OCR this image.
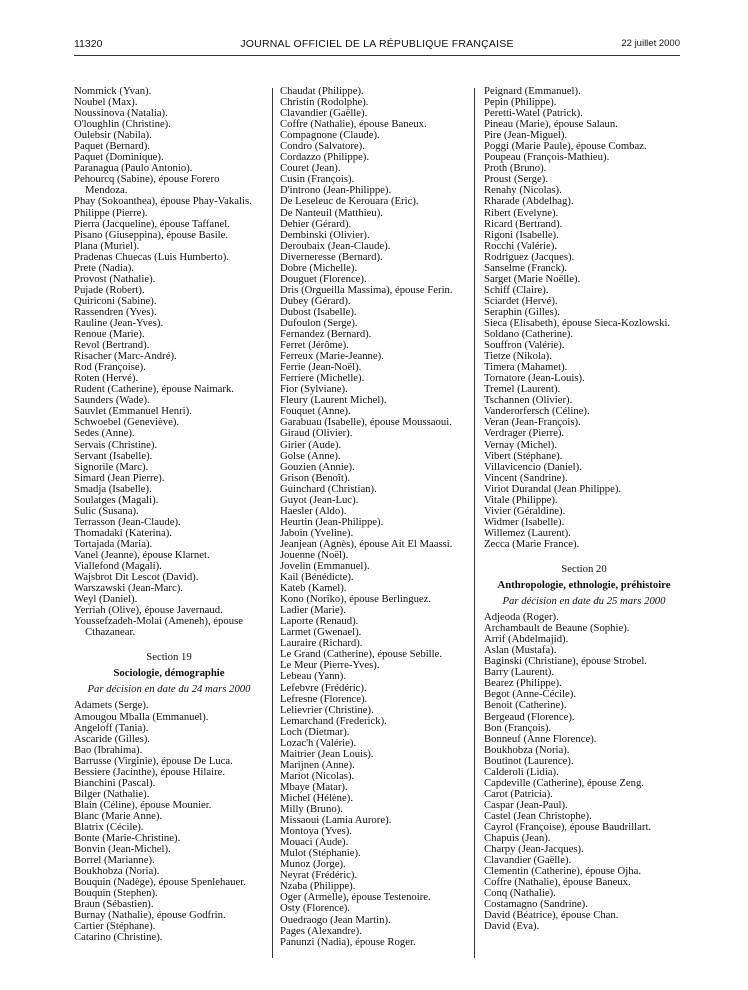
11320	JOURNAL OFFICIEL DE LA RÉPUBLIQUE FRANÇAISE	22 juillet 2000
Nommick (Yvan).
Noubel (Max).
Noussinova (Natalia).
O'loughlin (Christine).
Oulebsir (Nabila).
Paquet (Bernard).
Paquet (Dominique).
Paranagua (Paulo Antonio).
Pehourcq (Sabine), épouse Forero Mendoza.
Phay (Sokoanthea), épouse Phay-Vakalis.
Philippe (Pierre).
Pierra (Jacqueline), épouse Taffanel.
Pisano (Giuseppina), épouse Basile.
Plana (Muriel).
Pradenas Chuecas (Luis Humberto).
Prete (Nadia).
Provost (Nathalie).
Pujade (Robert).
Quiriconi (Sabine).
Rassendren (Yves).
Rauline (Jean-Yves).
Renoue (Marie).
Revol (Bertrand).
Risacher (Marc-André).
Rod (Françoise).
Roten (Hervé).
Rudent (Catherine), épouse Naimark.
Saunders (Wade).
Sauvlet (Emmanuel Henri).
Schwoebel (Geneviève).
Sedes (Anne).
Servais (Christine).
Servant (Isabelle).
Signorile (Marc).
Simard (Jean Pierre).
Smadja (Isabelle).
Soulatges (Magali).
Sulic (Susana).
Terrasson (Jean-Claude).
Thomadaki (Katerina).
Tortajada (Maria).
Vanel (Jeanne), épouse Klarnet.
Viallefond (Magali).
Wajsbrot Dit Lescot (David).
Warszawski (Jean-Marc).
Weyl (Daniel).
Yerriah (Olive), épouse Javernaud.
Youssefzadeh-Molai (Ameneh), épouse Cthazanear.
Section 19
Sociologie, démographie
Par décision en date du 24 mars 2000
Adamets (Serge).
Amougou Mballa (Emmanuel).
Angeloff (Tania).
Ascaride (Gilles).
Bao (Ibrahima).
Barrusse (Virginie), épouse De Luca.
Bessiere (Jacinthe), épouse Hilaire.
Bianchini (Pascal).
Bilger (Nathalie).
Blain (Céline), épouse Mounier.
Blanc (Marie Anne).
Blatrix (Cécile).
Bonte (Marie-Christine).
Bonvin (Jean-Michel).
Borrel (Marianne).
Boukhobza (Noria).
Bouquin (Nadège), épouse Spenlehauer.
Bouquin (Stephen).
Braun (Sébastien).
Burnay (Nathalie), épouse Godfrin.
Cartier (Stéphane).
Catarino (Christine).
Chaudat (Philippe).
Christin (Rodolphe).
Clavandier (Gaëlle).
Coffre (Nathalie), épouse Baneux.
Compagnone (Claude).
Condro (Salvatore).
Cordazzo (Philippe).
Couret (Jean).
Cusin (François).
D'introno (Jean-Philippe).
De Leseleuc de Kerouara (Eric).
De Nanteuil (Matthieu).
Dehier (Gérard).
Dembinski (Olivier).
Deroubaix (Jean-Claude).
Diverneresse (Bernard).
Dobre (Michelle).
Douguet (Florence).
Dris (Orgueilla Massima), épouse Ferin.
Dubey (Gérard).
Dubost (Isabelle).
Dufoulon (Serge).
Fernandez (Bernard).
Ferret (Jérôme).
Ferreux (Marie-Jeanne).
Ferrie (Jean-Noël).
Ferriere (Michelle).
Fior (Sylviane).
Fleury (Laurent Michel).
Fouquet (Anne).
Garabuau (Isabelle), épouse Moussaoui.
Giraud (Olivier).
Girier (Aude).
Golse (Anne).
Gouzien (Annie).
Grison (Benoît).
Guinchard (Christian).
Guyot (Jean-Luc).
Haesler (Aldo).
Heurtin (Jean-Philippe).
Jaboin (Yveline).
Jeanjean (Agnès), épouse Ait El Maassi.
Jouenne (Noël).
Jovelin (Emmanuel).
Kail (Bénédicte).
Kateb (Kamel).
Kono (Noriko), épouse Berlinguez.
Ladier (Marie).
Laporte (Renaud).
Larmet (Gwenael).
Lauraire (Richard).
Le Grand (Catherine), épouse Sebille.
Le Meur (Pierre-Yves).
Lebeau (Yann).
Lefebvre (Frédéric).
Lefresne (Florence).
Lelievrier (Christine).
Lemarchand (Frederick).
Loch (Dietmar).
Lozac'h (Valérie).
Maitrier (Jean Louis).
Marijnen (Anne).
Mariot (Nicolas).
Mbaye (Matar).
Michel (Hélène).
Milly (Bruno).
Missaoui (Lamia Aurore).
Montoya (Yves).
Mouaci (Aude).
Mulot (Stéphanie).
Munoz (Jorge).
Neyrat (Frédéric).
Nzaba (Philippe).
Oger (Armelle), épouse Testenoire.
Osty (Florence).
Ouedraogo (Jean Martin).
Pages (Alexandre).
Panunzi (Nadia), épouse Roger.
Peignard (Emmanuel).
Pepin (Philippe).
Peretti-Watel (Patrick).
Pineau (Marie), épouse Salaun.
Pire (Jean-Miguel).
Poggi (Marie Paule), épouse Combaz.
Poupeau (François-Mathieu).
Proth (Bruno).
Proust (Serge).
Renahy (Nicolas).
Rharade (Abdelhag).
Ribert (Evelyne).
Ricard (Bertrand).
Rigoni (Isabelle).
Rocchi (Valérie).
Rodriguez (Jacques).
Sanselme (Franck).
Sarget (Marie Noëlle).
Schiff (Claire).
Sciardet (Hervé).
Seraphin (Gilles).
Sieca (Elisabeth), épouse Sieca-Kozlowski.
Soldano (Catherine).
Souffron (Valérie).
Tietze (Nikola).
Timera (Mahamet).
Tornatore (Jean-Louis).
Tremel (Laurent).
Tschannen (Olivier).
Vanderorfersch (Céline).
Veran (Jean-François).
Verdrager (Pierre).
Vernay (Michel).
Vibert (Stéphane).
Villavicencio (Daniel).
Vincent (Sandrine).
Viriot Durandal (Jean Philippe).
Vitale (Philippe).
Vivier (Géraldine).
Widmer (Isabelle).
Willemez (Laurent).
Zecca (Marie France).
Section 20
Anthropologie, ethnologie, préhistoire
Par décision en date du 25 mars 2000
Adjeoda (Roger).
Archambault de Beaune (Sophie).
Arrif (Abdelmajid).
Aslan (Mustafa).
Baginski (Christiane), épouse Strobel.
Barry (Laurent).
Bearez (Philippe).
Begot (Anne-Cécile).
Benoit (Catherine).
Bergeaud (Florence).
Bon (François).
Bonneuf (Anne Florence).
Boukhobza (Noria).
Boutinot (Laurence).
Calderoli (Lidia).
Capdeville (Catherine), épouse Zeng.
Carot (Patricia).
Caspar (Jean-Paul).
Castel (Jean Christophe).
Cayrol (Françoise), épouse Baudrillart.
Chapuis (Jean).
Charpy (Jean-Jacques).
Clavandier (Gaëlle).
Clementin (Catherine), épouse Ojha.
Coffre (Nathalie), épouse Baneux.
Conq (Nathalie).
Costamagno (Sandrine).
David (Béatrice), épouse Chan.
David (Eva).
